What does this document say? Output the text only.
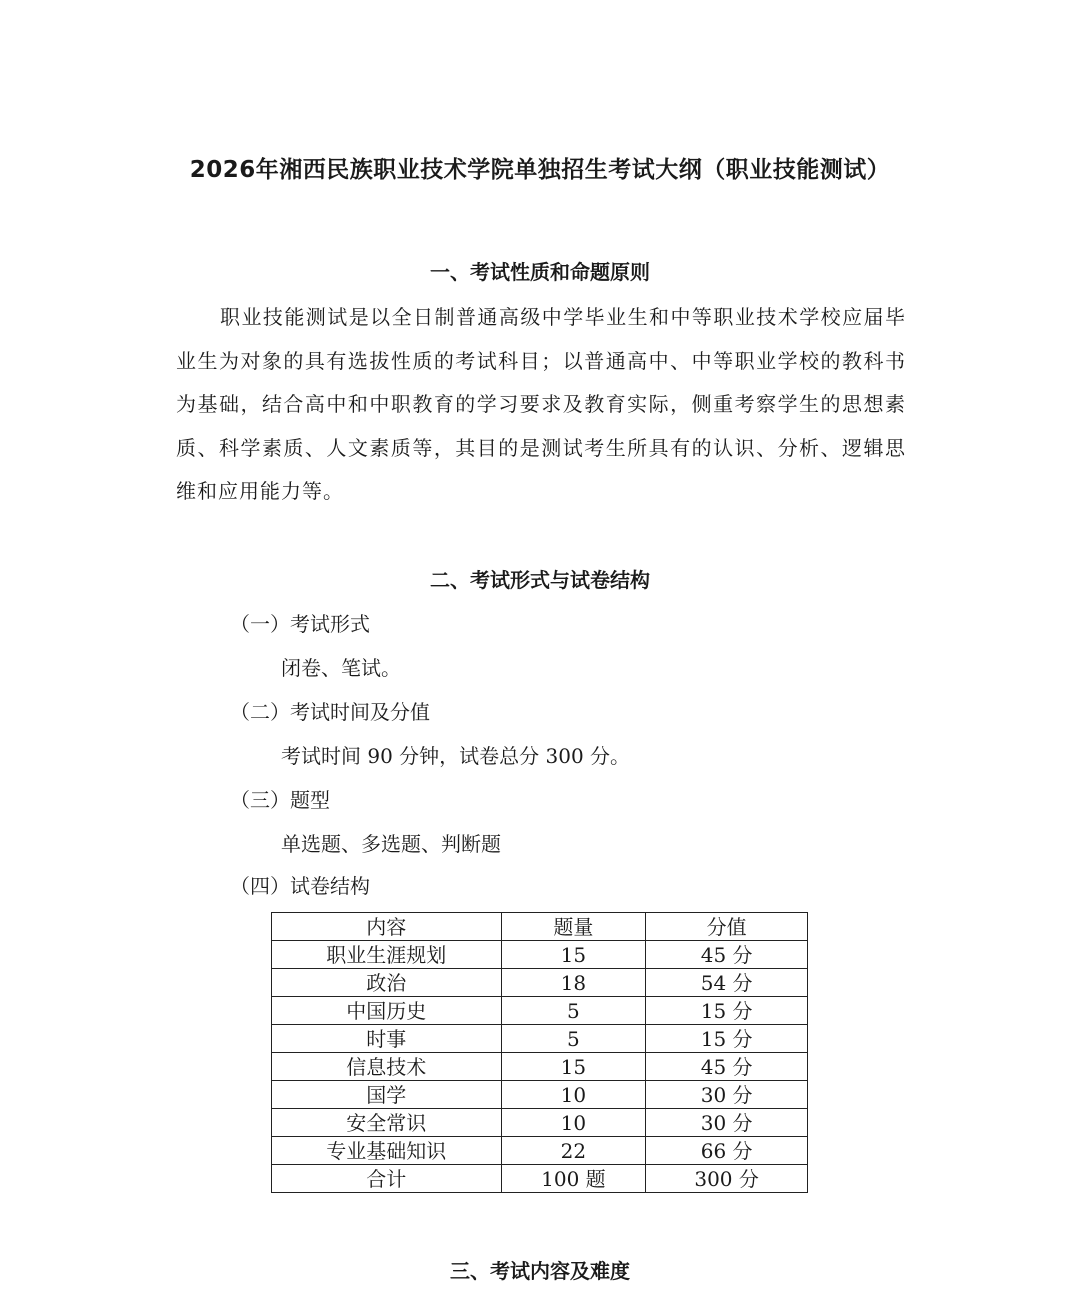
2026年湘西民族职业技术学院单独招生考试大纲（职业技能测试）
一、考试性质和命题原则
职业技能测试是以全日制普通高级中学毕业生和中等职业技术学校应届毕业生为对象的具有选拔性质的考试科目；以普通高中、中等职业学校的教科书为基础，结合高中和中职教育的学习要求及教育实际，侧重考察学生的思想素质、科学素质、人文素质等，其目的是测试考生所具有的认识、分析、逻辑思维和应用能力等。
二、考试形式与试卷结构
（一）考试形式
闭卷、笔试。
（二）考试时间及分值
考试时间 90 分钟，试卷总分 300 分。
（三）题型
单选题、多选题、判断题
（四）试卷结构
内容	题量	分值
职业生涯规划	15	45 分
政治	18	54 分
中国历史	5	15 分
时事	5	15 分
信息技术	15	45 分
国学	10	30 分
安全常识	10	30 分
专业基础知识	22	66 分
合计	100 题	300 分
三、考试内容及难度
